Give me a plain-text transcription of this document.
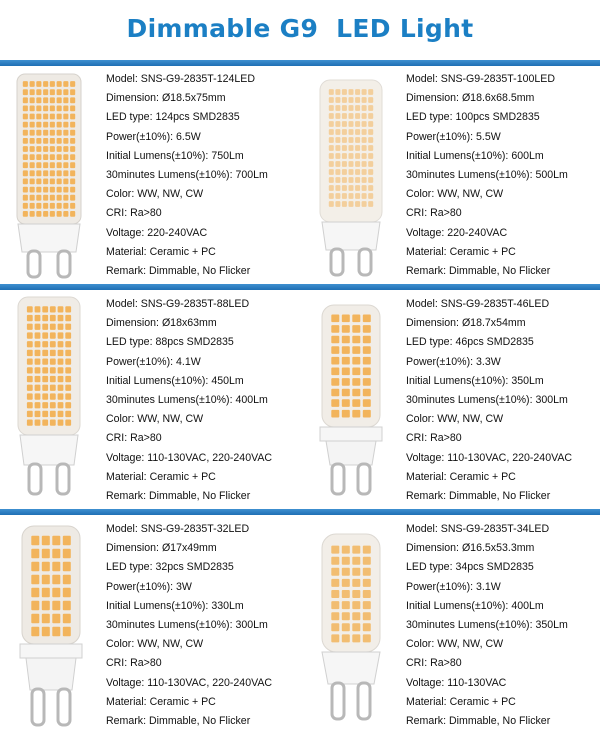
Dimmable G9  LED Light
Model: SNS-G9-2835T-124LED
Dimension: Ø18.5x75mm
LED type: 124pcs SMD2835
Power(±10%): 6.5W
Initial Lumens(±10%): 750Lm
30minutes Lumens(±10%): 700Lm
Color: WW, NW, CW
CRI: Ra>80
Voltage: 220-240VAC
Material: Ceramic + PC
Remark: Dimmable, No Flicker
Model: SNS-G9-2835T-100LED
Dimension: Ø18.6x68.5mm
LED type: 100pcs SMD2835
Power(±10%): 5.5W
Initial Lumens(±10%): 600Lm
30minutes Lumens(±10%): 500Lm
Color: WW, NW, CW
CRI: Ra>80
Voltage: 220-240VAC
Material: Ceramic + PC
Remark: Dimmable, No Flicker
Model: SNS-G9-2835T-88LED
Dimension: Ø18x63mm
LED type: 88pcs SMD2835
Power(±10%): 4.1W
Initial Lumens(±10%): 450Lm
30minutes Lumens(±10%): 400Lm
Color: WW, NW, CW
CRI: Ra>80
Voltage: 110-130VAC, 220-240VAC
Material: Ceramic + PC
Remark: Dimmable, No Flicker
Model: SNS-G9-2835T-46LED
Dimension: Ø18.7x54mm
LED type: 46pcs SMD2835
Power(±10%): 3.3W
Initial Lumens(±10%): 350Lm
30minutes Lumens(±10%): 300Lm
Color: WW, NW, CW
CRI: Ra>80
Voltage: 110-130VAC, 220-240VAC
Material: Ceramic + PC
Remark: Dimmable, No Flicker
Model: SNS-G9-2835T-32LED
Dimension: Ø17x49mm
LED type: 32pcs SMD2835
Power(±10%): 3W
Initial Lumens(±10%): 330Lm
30minutes Lumens(±10%): 300Lm
Color: WW, NW, CW
CRI: Ra>80
Voltage: 110-130VAC, 220-240VAC
Material: Ceramic + PC
Remark: Dimmable, No Flicker
Model: SNS-G9-2835T-34LED
Dimension: Ø16.5x53.3mm
LED type: 34pcs SMD2835
Power(±10%): 3.1W
Initial Lumens(±10%): 400Lm
30minutes Lumens(±10%): 350Lm
Color: WW, NW, CW
CRI: Ra>80
Voltage: 110-130VAC
Material: Ceramic + PC
Remark: Dimmable, No Flicker
